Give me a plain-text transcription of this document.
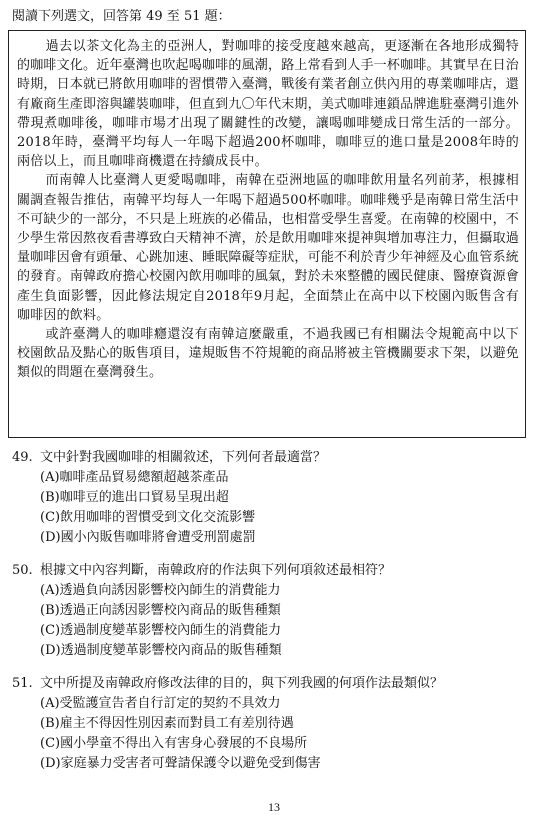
閱讀下列選文，回答第 49 至 51 題：

過去以茶文化為主的亞洲人，對咖啡的接受度越來越高，更逐漸在各地形成獨特的咖啡文化。近年臺灣也吹起喝咖啡的風潮，路上常看到人手一杯咖啡。其實早在日治時期，日本就已將飲用咖啡的習慣帶入臺灣，戰後有業者創立供內用的專業咖啡店，還有廠商生產即溶與罐裝咖啡，但直到九〇年代末期，美式咖啡連鎖品牌進駐臺灣引進外帶現煮咖啡後，咖啡市場才出現了關鍵性的改變，讓喝咖啡變成日常生活的一部分。2018年時，臺灣平均每人一年喝下超過200杯咖啡，咖啡豆的進口量是2008年時的兩倍以上，而且咖啡商機還在持續成長中。

而南韓人比臺灣人更愛喝咖啡，南韓在亞洲地區的咖啡飲用量名列前茅，根據相關調查報告推估，南韓平均每人一年喝下超過500杯咖啡。咖啡幾乎是南韓日常生活中不可缺少的一部分，不只是上班族的必備品，也相當受學生喜愛。在南韓的校園中，不少學生常因熬夜看書導致白天精神不濟，於是飲用咖啡來提神與增加專注力，但攝取過量咖啡因會有頭暈、心跳加速、睡眠障礙等症狀，可能不利於青少年神經及心血管系統的發育。南韓政府擔心校園內飲用咖啡的風氣，對於未來整體的國民健康、醫療資源會產生負面影響，因此修法規定自2018年9月起，全面禁止在高中以下校園內販售含有咖啡因的飲料。

或許臺灣人的咖啡癮還沒有南韓這麼嚴重，不過我國已有相關法令規範高中以下校園飲品及點心的販售項目，違規販售不符規範的商品將被主管機關要求下架，以避免類似的問題在臺灣發生。

49. 文中針對我國咖啡的相關敘述，下列何者最適當？
(A)咖啡產品貿易總額超越茶產品
(B)咖啡豆的進出口貿易呈現出超
(C)飲用咖啡的習慣受到文化交流影響
(D)國小內販售咖啡將會遭受刑罰處罰
50. 根據文中內容判斷，南韓政府的作法與下列何項敘述最相符？
(A)透過負向誘因影響校內師生的消費能力
(B)透過正向誘因影響校內商品的販售種類
(C)透過制度變革影響校內師生的消費能力
(D)透過制度變革影響校內商品的販售種類
51. 文中所提及南韓政府修改法律的目的，與下列我國的何項作法最類似？
(A)受監護宣告者自行訂定的契約不具效力
(B)雇主不得因性別因素而對員工有差別待遇
(C)國小學童不得出入有害身心發展的不良場所
(D)家庭暴力受害者可聲請保護令以避免受到傷害
13
